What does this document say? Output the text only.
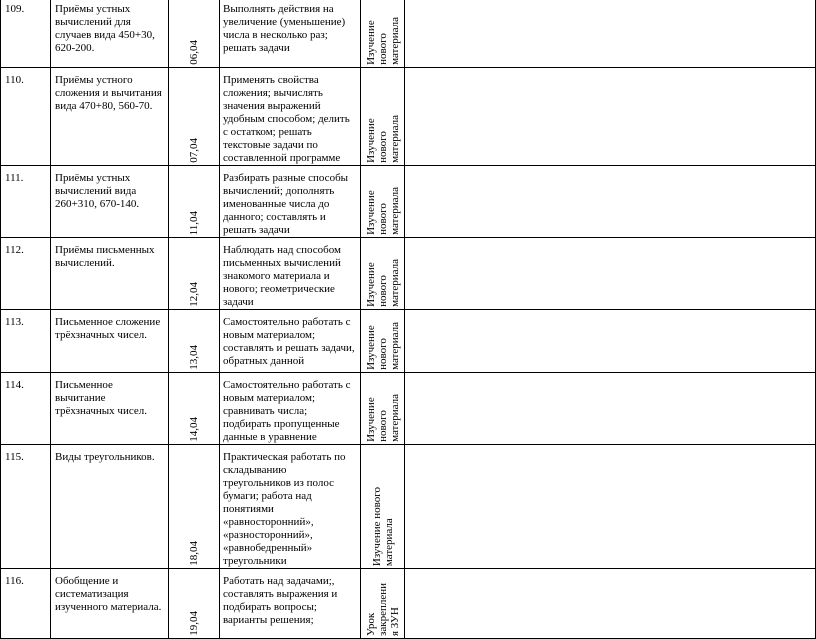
	109.	Приёмы устных вычислений для случаев вида 450+30, 620-200.	06,04	Выполнять действия на увеличение (уменьшение) числа в несколько раз; решать задачи	Изучение
нового
материала	

	110.	Приёмы устного сложения и вычитания вида 470+80, 560-70.	07,04	Применять свойства сложения; вычислять значения выражений удобным способом; делить с остатком; решать текстовые задачи по составленной программе	Изучение
нового
материала	

	111.	Приёмы устных вычислений вида 260+310, 670-140.	11,04	Разбирать разные способы вычислений; дополнять именованные числа до данного; составлять и решать задачи	Изучение
нового
материала	

	112.	Приёмы письменных вычислений.	12,04	Наблюдать над способом письменных вычислений знакомого материала и нового; геометрические задачи	Изучение
нового
материала	

	113.	Письменное сложение трёхзначных чисел.	13,04	Самостоятельно работать с новым материалом; составлять и решать задачи, обратных данной	Изучение
нового
материала	

	114.	Письменное вычитание трёхзначных чисел.	14,04	Самостоятельно работать с новым материалом; сравнивать числа; подбирать пропущенные данные в уравнение	Изучение
нового
материала	

	115.	Виды треугольников.	18,04	Практическая работать по складыванию треугольников из полос бумаги; работа над понятиями «равносторонний», «разносторонний», «равнобедренный» треугольники	Изучение нового
материала	

	116.	Обобщение и систематизация изученного материала.	19,04	Работать над задачами;, составлять выражения и подбирать вопросы; варианты решения;	Урок
закреплени
я ЗУН	
